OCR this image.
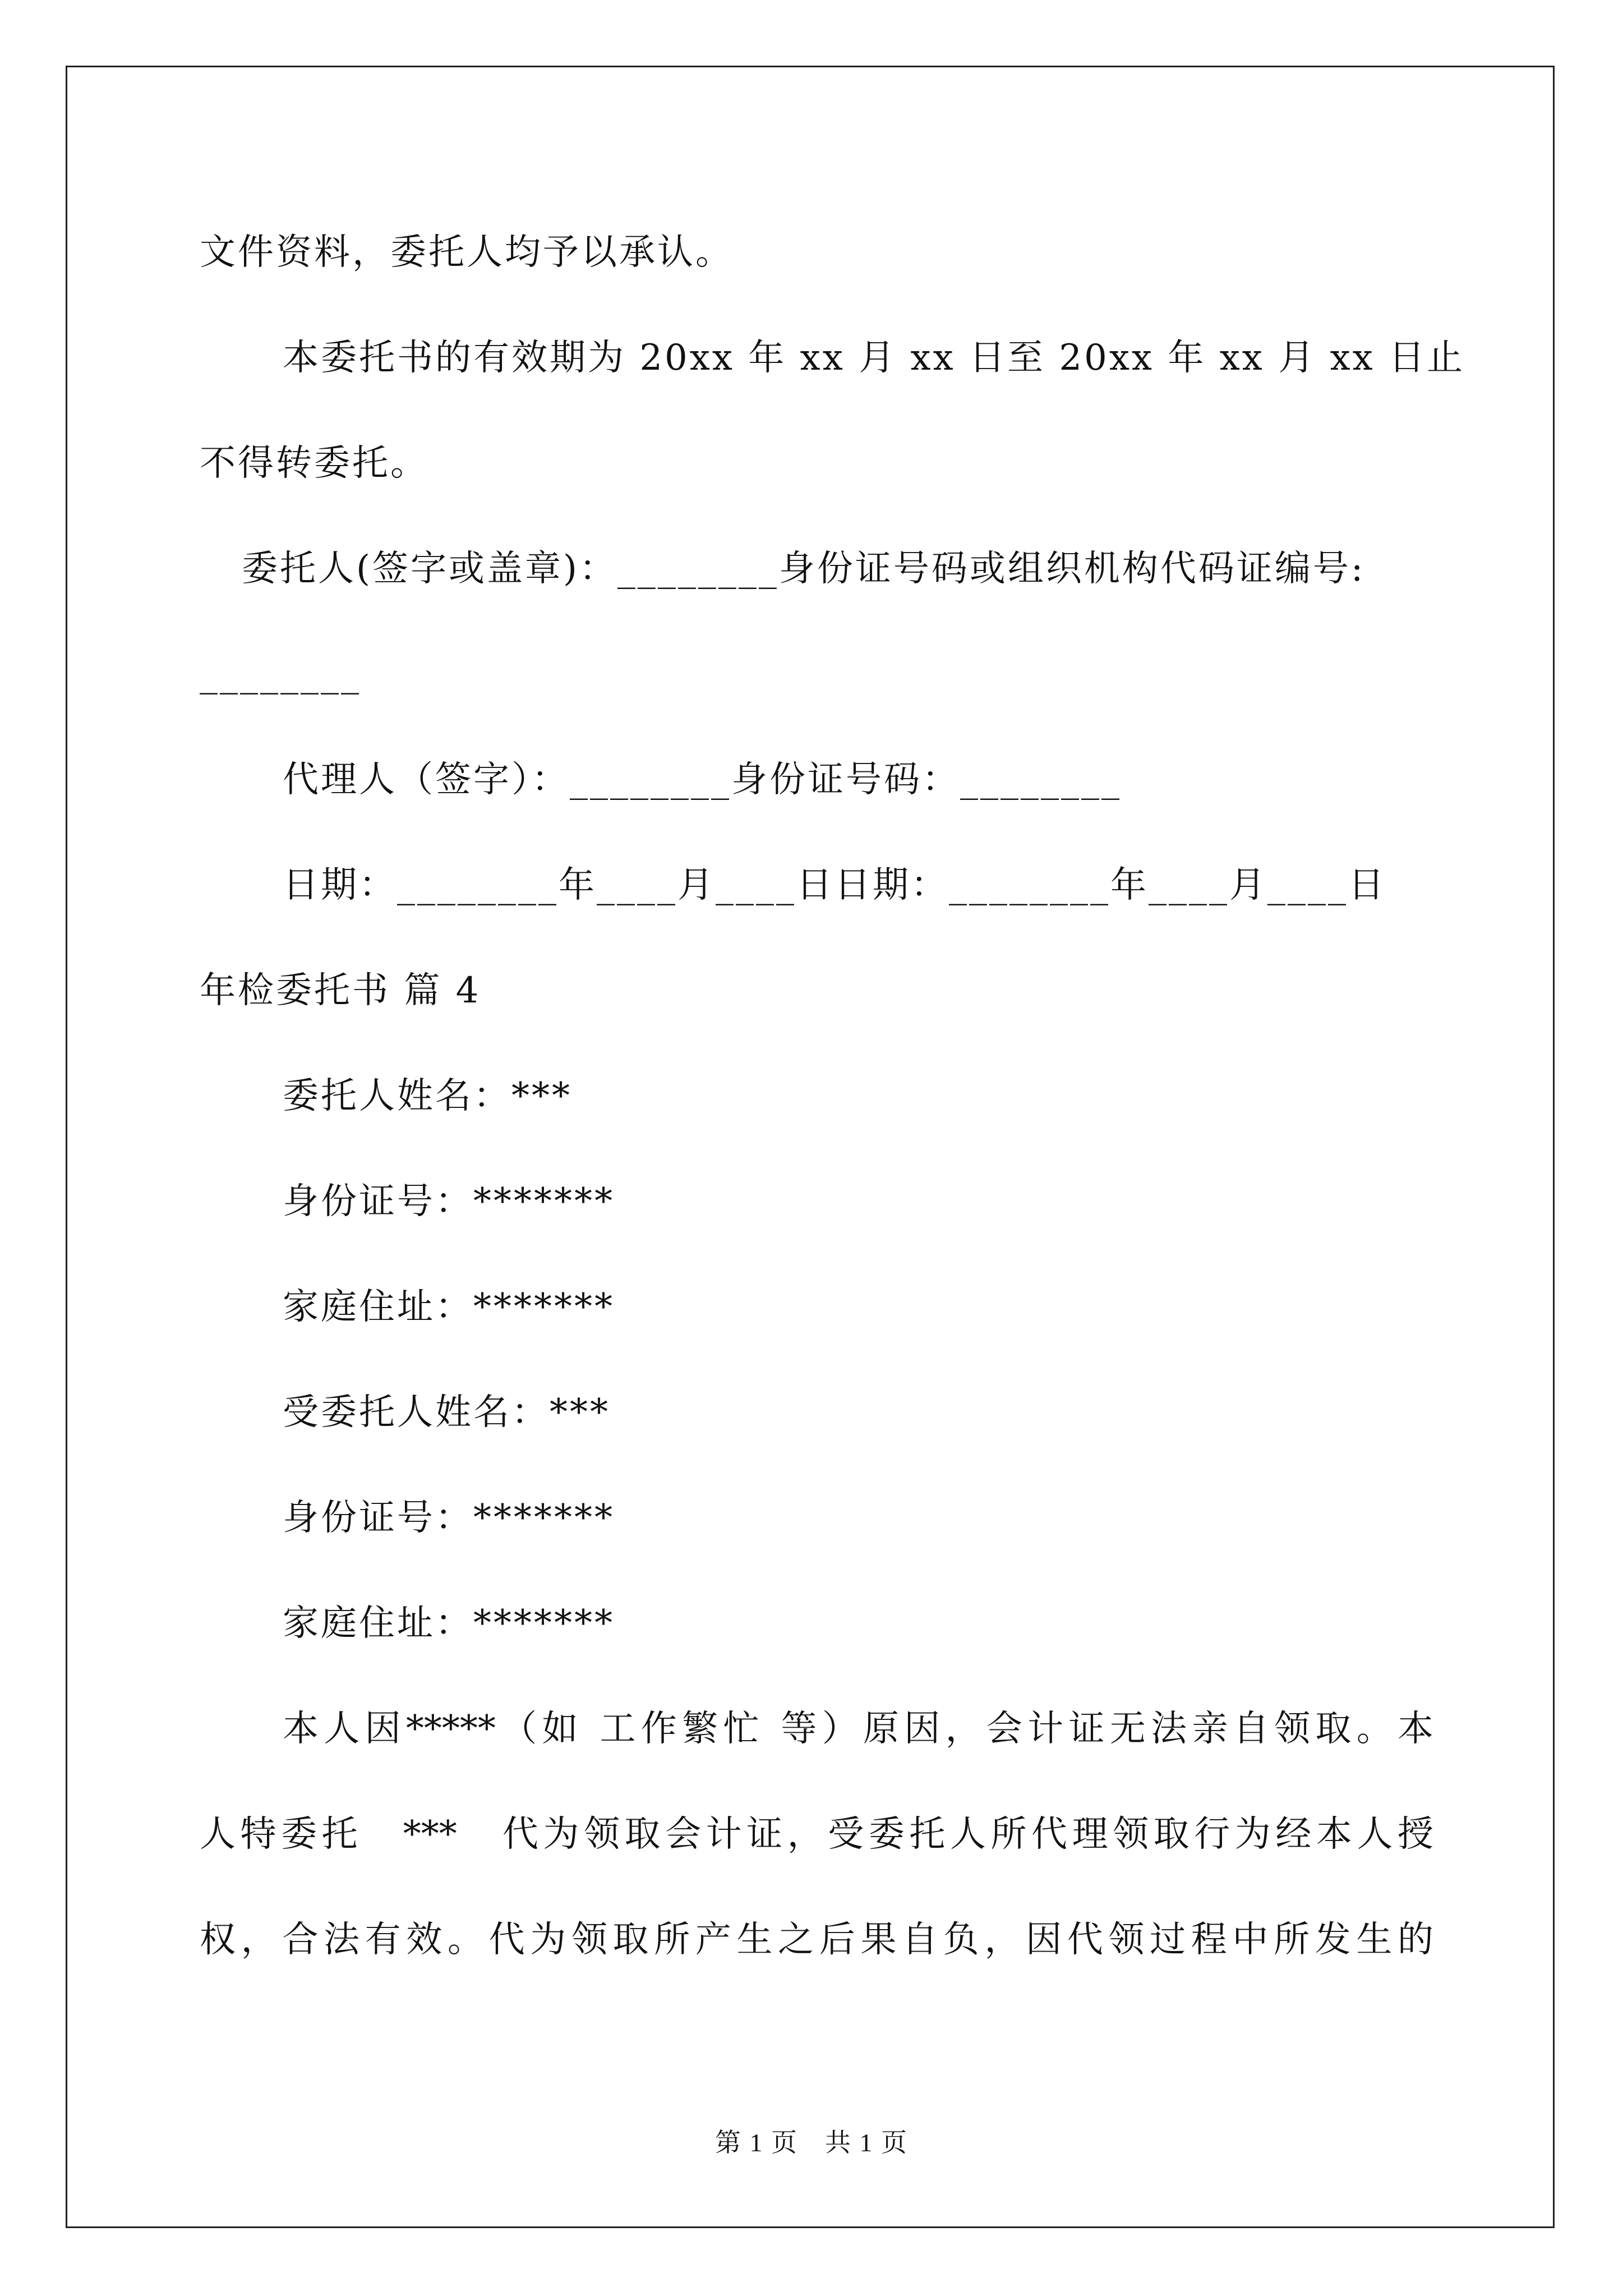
文件资料，委托人均予以承认。
本委托书的有效期为 20xx 年 xx 月 xx 日至 20xx 年 xx 月 xx 日止
不得转委托。
委托人(签字或盖章)：________身份证号码或组织机构代码证编号:
________
代理人（签字）：________身份证号码：________
日期：________年____月____日日期：________年____月____日
年检委托书 篇 4
委托人姓名：***
身份证号：*******
家庭住址：*******
受委托人姓名：***
身份证号：*******
家庭住址：*******
本人因*****（如 工作繁忙 等）原因，会计证无法亲自领取。本
人特委托　***　代为领取会计证，受委托人所代理领取行为经本人授
权，合法有效。代为领取所产生之后果自负，因代领过程中所发生的
第 1 页　共 1 页
